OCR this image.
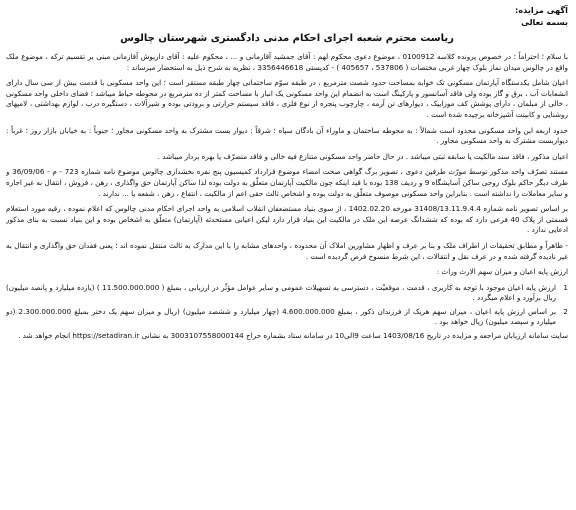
آگهی مزایده:
بسمه تعالی
ریاست محترم شعبه اجرای احکام مدنی دادگستری شهرستان چالوس

با سلام ؛ احتراماً ؛ در خصوص پرونده کلاسه 0100912 ، موضوع دعوی محکوم لهم : آقای جمشید آقازمانی و ... ، محکوم علیه : آقای داریوش آقازمانی مبنی بر تقسیم ترکه ، موضوع ملک واقع در چالوس میدان نماز بلوک چهار غربی مختصات ( 537806 ، 405657 ) - کدپستی 3356446618 ، نظریه به شرح ذیل به استحضار میرساند :

اعیان شامل یکدستگاه آپارتمان مسکونی تک خوابه بمساحت حدود شصت مترمربع ، در طبقه سوّم ساختمانی چهار طبقه مستقر است ؛ این واحد مسکونی با قدمت بیش از سی سال دارای انشعابات آب ، برق و گاز بوده ولی فاقد آسانسور و پارکینگ است به انضمام این واحد مسکونی یک انبار با مساحت کمتر از ده مترمربع در محوطه حیاط میباشد ؛ فضای داخلی واحد مسکونی ، خالی از مبلمان ، دارای پوشش کف موزاییک ، دیوارهای تن آرمه ، چارچوب پنجره از نوع فلزی ، فاقد سیستم حرارتی و برودتی بوده و شیرآلات ، دستگیره درب ، لوازم بهداشتی ، لامپهای روشنایی و کابینت آشپزخانه برچیده شده است .

حدود اربعه این واحد مسکونی محدود است شمالاً : به محوطه ساختمان و ماوراء آن بادگان سپاه ؛ شرقاً : دیوار بست مشترک به واحد مسکونی مجاور ؛ جنوباً : به خیابان بازار روز ؛ غرباً : دیواربست مشترک به واحد مسکونی مجاور .

اعیان مذکور ، فاقد سند مالکیت یا سابقه ثبتی میباشد . در حال حاضر واحد مسکونی متنازع فیه خالی و فاقد متصرّف یا بهره بردار میباشد .

مستند تصرّف واحد مذکور توسط مورّث طرفین دعوی ، تصویر برگ گواهی صحت امضاء موضوع قرارداد کمیسیون پنج نفره بخشداری چالوس موضوع نامه شماره 723 - م - 36/09/06 و طرف دیگر حاکم بلوک روحی ساکن آسایشگاه 9 و ردیف 138 بوده با قید اینکه چون مالکیت آپارتمان متعلّق به دولت بوده لذا ساکن آپارتمان حق واگذاری ، رهن ، فروش ، انتقال به غیر اجاره و سایر معاملات را نداشته است . بنابراین واحد مسکونی موصوف متعلّق به دولت بوده و اشخاص ثالث حقی اعم از مالکیت ، انتفاع ، رهن ، شفعه یا ... ندارند .

بر اساس تصویر نامه شماره 31408/13.11.9.4.4 مورخه 1402.02.20 ، از سوی بنیاد مستضعفان انقلاب اسلامی به واحد اجرای احکام مدنی چالوس که اعلام نموده ، رقبه مورد استعلام قسمتی از پلاک 40 فرعی دارد که بوده که ششدانگ عرصه این ملک در مالکیت این بنیاد قرار دارد لیکن اعیانی مستحدثه (آپارتمان) متعلّق به اشخاص بوده و این بنیاد نسبت به بنای مذکور ادعایی ندارد .

- ظاهراً و مطابق تحقیقات از اطراف ملک و بنا بر عرف و اظهار مشاورین املاک آن محدوده ، واحدهای مشابه را با این مدارک به ثالث منتقل نموده اند ؛ یعنی فقدان حق واگذاری و انتقال به غیر نادیده گرفته شده و در عرف نقل و انتقالات ، این شرط منسوخ فرض گردیده است .

ارزش پایه اعیان و میزان سهم الارث وراث :

1
ارزش پایه اعیان موجود با توجه به کاربری ، قدمت ، موقعیّت ، دسترسی به تسهیلات عمومی و سایر عوامل مؤثّر در ارزیابی ، بمبلغ ( 11.500.000.000 ) (یازده میلیارد و پانصد میلیون) ریال برآورد و اعلام میگردد .
2
بر اساس ارزش پایه اعیان ، میزان سهم هریک از فرزندان ذکور ، بمبلغ 4.600.000.000 (چهار میلیارد و ششصد میلیون) (ریال و میزان سهم یک دختر بمبلغ 2.300.000.000 (دو میلیارد و سیصد میلیون) ریال خواهد بود .

سایت سامانه ارزیابان مراجعه و مزایده در تاریخ 1403/08/16 ساعت 9الی10 در سامانه ستاد بشماره حراج 3003107558000144 به نشانی https://setadiran.ir انجام خواهد شد .
